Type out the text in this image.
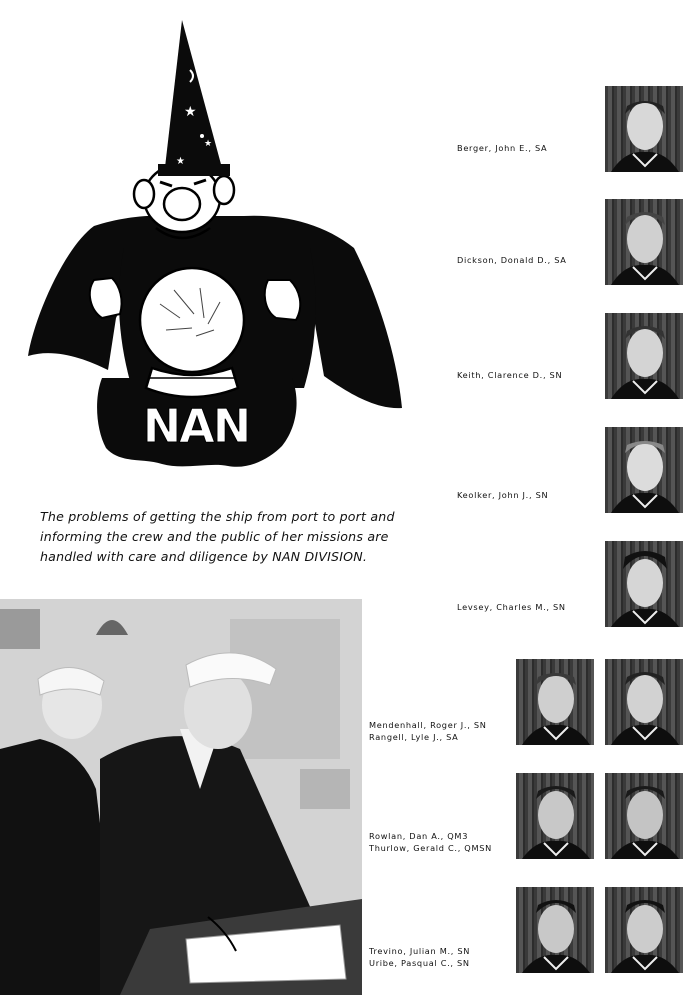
★
★
★
NAN
The problems of getting the ship from port to port and informing the crew and the public of her missions are handled with care and diligence by NAN DIVISION.
Berger, John E., SA
Dickson, Donald D., SA
Keith, Clarence D., SN
Keolker, John J., SN
Levsey, Charles M., SN
Mendenhall, Roger J., SN
Rangell, Lyle J., SA
Rowlan, Dan A., QM3
Thurlow, Gerald C., QMSN
Trevino, Julian M., SN
Uribe, Pasqual C., SN
